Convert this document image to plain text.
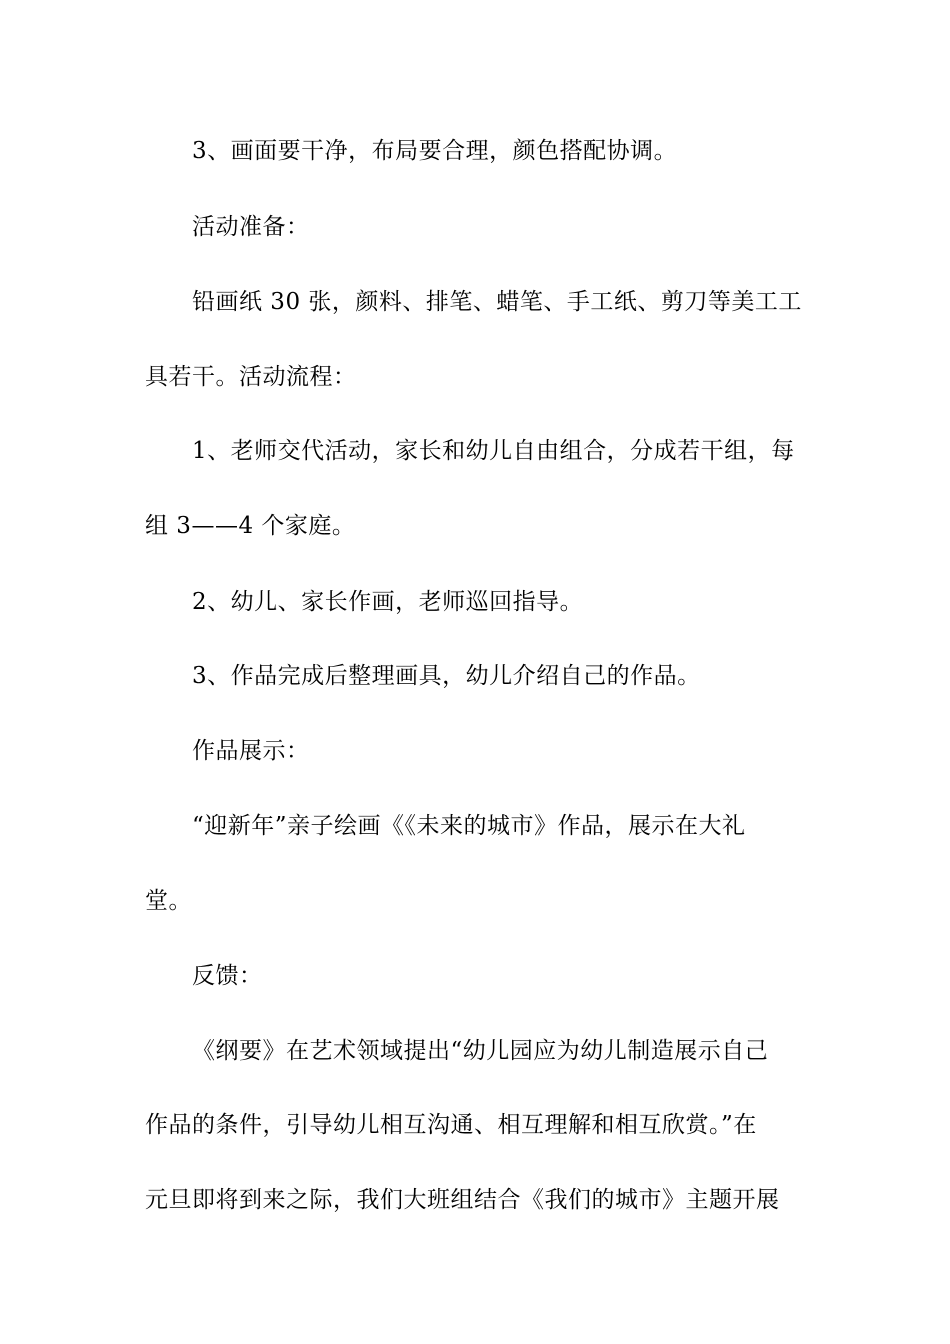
3、画面要干净，布局要合理，颜色搭配协调。
活动准备：
铅画纸 30 张，颜料、排笔、蜡笔、手工纸、剪刀等美工工
具若干。活动流程：
1、老师交代活动，家长和幼儿自由组合，分成若干组，每
组 3——4 个家庭。
2、幼儿、家长作画，老师巡回指导。
3、作品完成后整理画具，幼儿介绍自己的作品。
作品展示：
“迎新年”亲子绘画《《未来的城市》作品，展示在大礼
堂。
反馈：
《纲要》在艺术领域提出“幼儿园应为幼儿制造展示自己
作品的条件，引导幼儿相互沟通、相互理解和相互欣赏。”在
元旦即将到来之际，我们大班组结合《我们的城市》主题开展
